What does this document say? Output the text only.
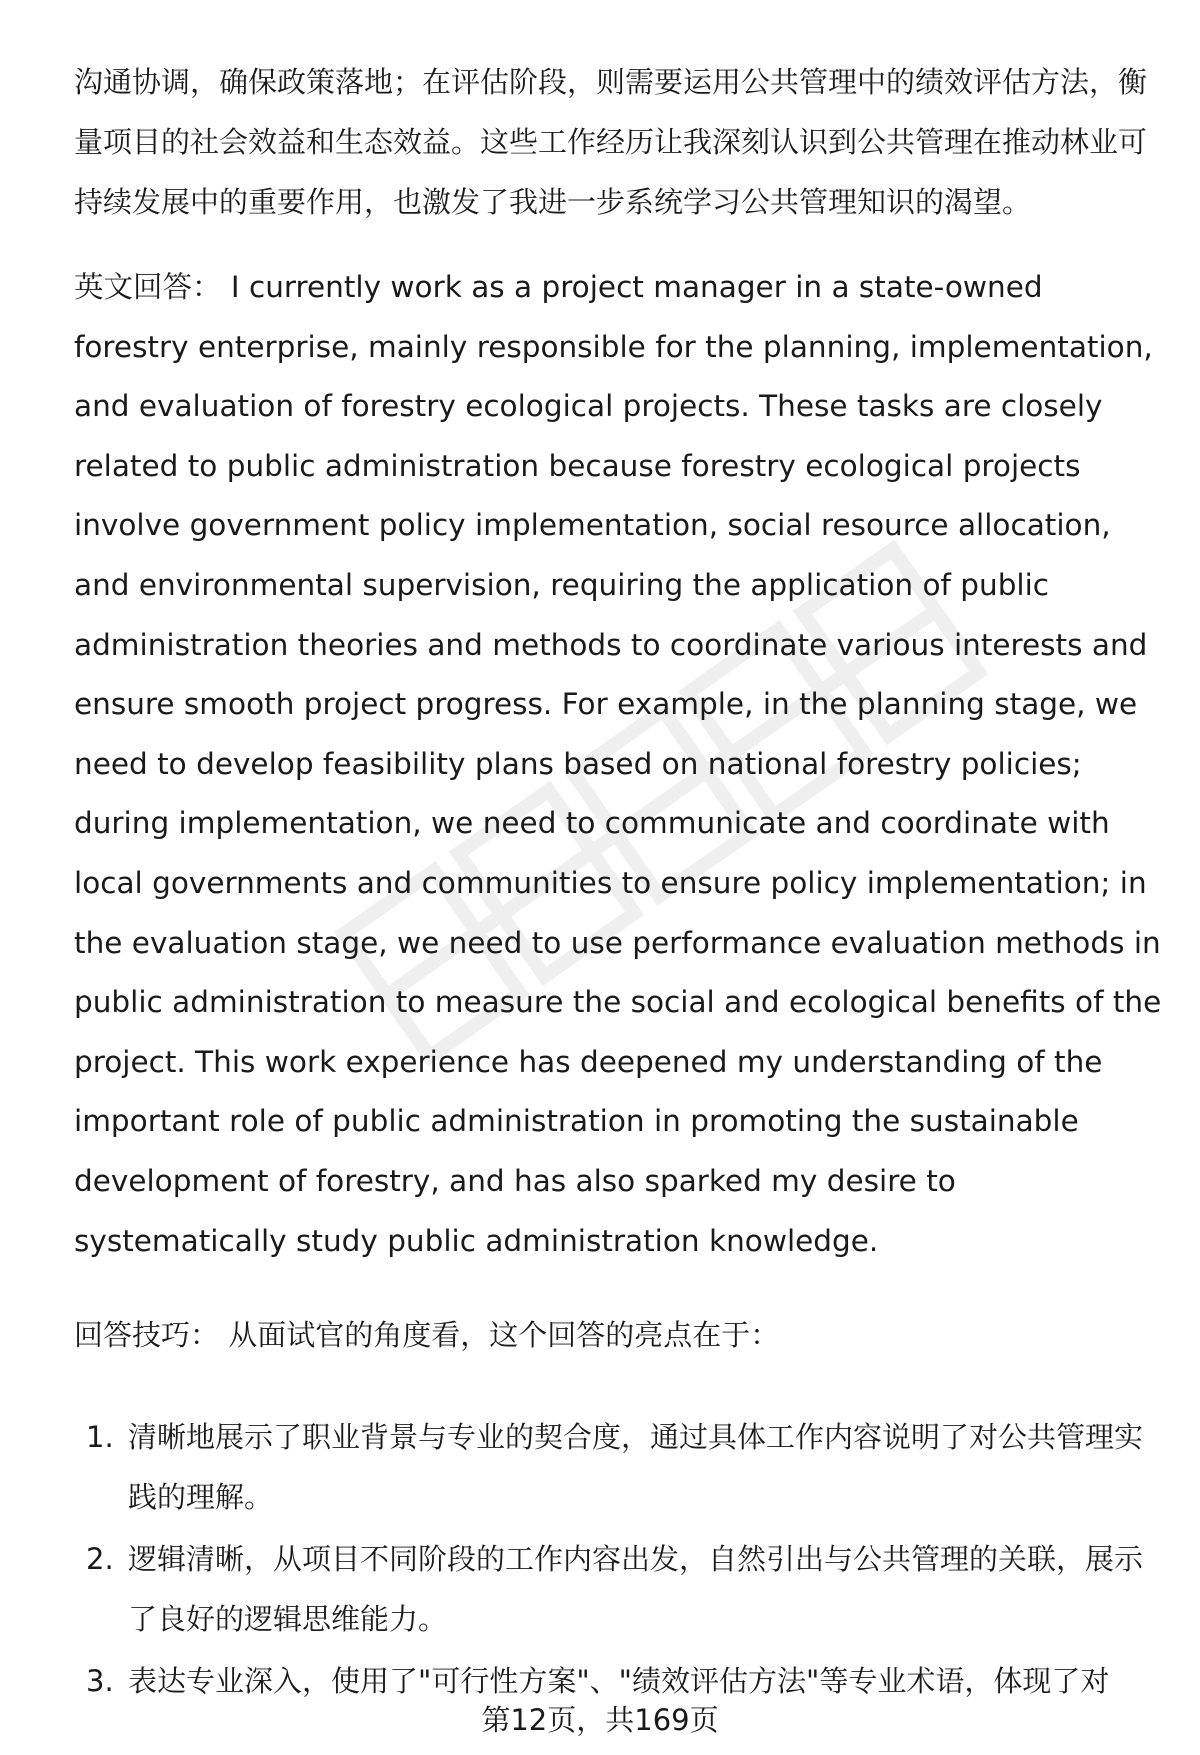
沟通协调，确保政策落地；在评估阶段，则需要运用公共管理中的绩效评估方法，衡量项目的社会效益和生态效益。这些工作经历让我深刻认识到公共管理在推动林业可持续发展中的重要作用，也激发了我进一步系统学习公共管理知识的渴望。

英文回答： I currently work as a project manager in a state-owned forestry enterprise, mainly responsible for the planning, implementation, and evaluation of forestry ecological projects. These tasks are closely related to public administration because forestry ecological projects involve government policy implementation, social resource allocation, and environmental supervision, requiring the application of public administration theories and methods to coordinate various interests and ensure smooth project progress. For example, in the planning stage, we need to develop feasibility plans based on national forestry policies; during implementation, we need to communicate and coordinate with local governments and communities to ensure policy implementation; in the evaluation stage, we need to use performance evaluation methods in public administration to measure the social and ecological benefits of the project. This work experience has deepened my understanding of the important role of public administration in promoting the sustainable development of forestry, and has also sparked my desire to systematically study public administration knowledge.

回答技巧： 从面试官的角度看，这个回答的亮点在于：

1. 清晰地展示了职业背景与专业的契合度，通过具体工作内容说明了对公共管理实践的理解。
2. 逻辑清晰，从项目不同阶段的工作内容出发，自然引出与公共管理的关联，展示了良好的逻辑思维能力。
3. 表达专业深入，使用了"可行性方案"、"绩效评估方法"等专业术语，体现了对
第12页，共169页
